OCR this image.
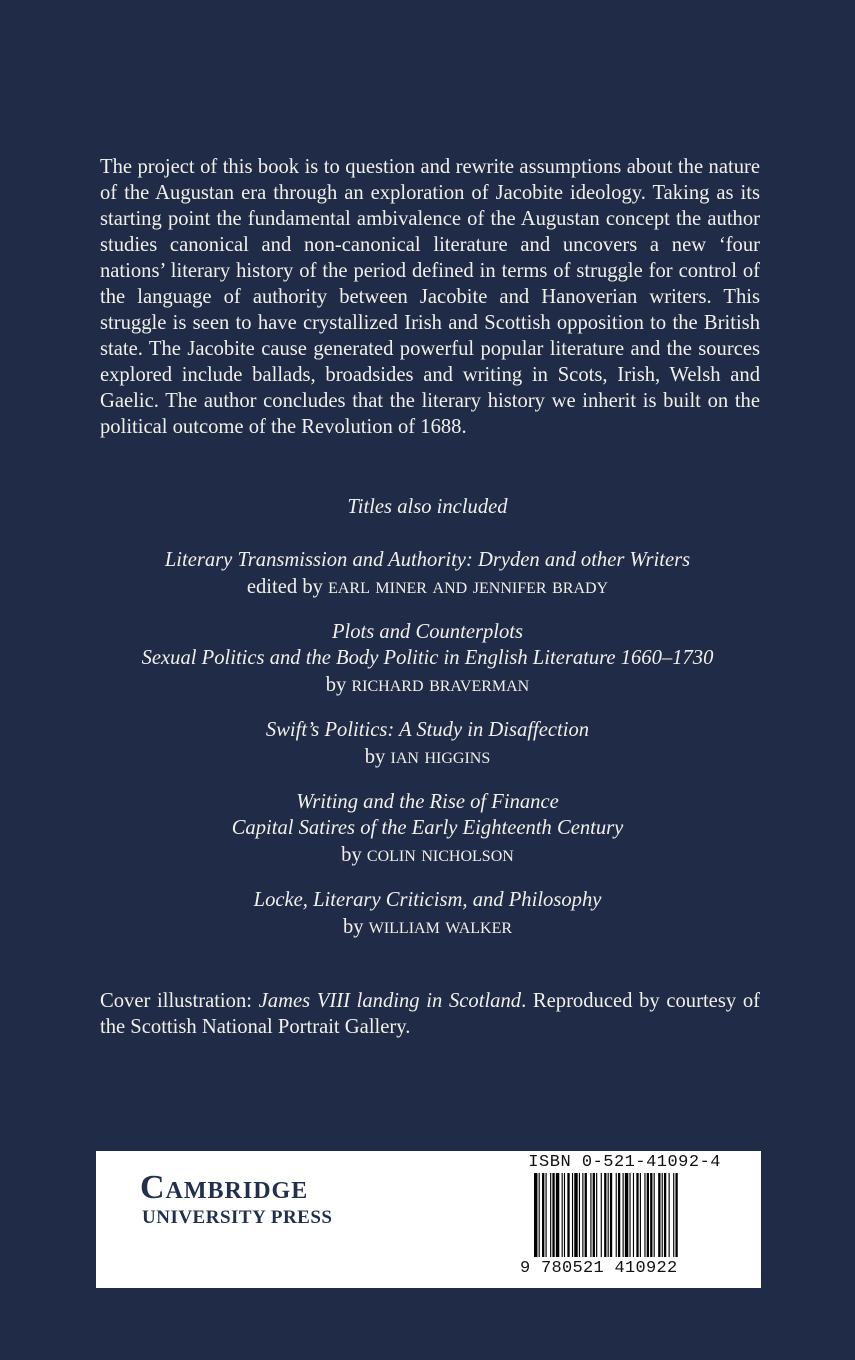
The project of this book is to question and rewrite assumptions about the nature of the Augustan era through an exploration of Jacobite ideology. Taking as its starting point the fundamental ambivalence of the Augustan concept the author studies canonical and non-canonical literature and uncovers a new ‘four nations’ literary history of the period defined in terms of struggle for control of the language of authority between Jacobite and Hanoverian writers. This struggle is seen to have crystallized Irish and Scottish opposition to the British state. The Jacobite cause generated powerful popular literature and the sources explored include ballads, broadsides and writing in Scots, Irish, Welsh and Gaelic. The author concludes that the literary history we inherit is built on the political outcome of the Revolution of 1688.

Titles also included

Literary Transmission and Authority: Dryden and other Writers
edited by earl miner and jennifer brady
Plots and Counterplots
Sexual Politics and the Body Politic in English Literature 1660–1730
by richard braverman
Swift’s Politics: A Study in Disaffection
by ian higgins
Writing and the Rise of Finance
Capital Satires of the Early Eighteenth Century
by colin nicholson
Locke, Literary Criticism, and Philosophy
by william walker

Cover illustration: James VIII landing in Scotland. Reproduced by courtesy of the Scottish National Portrait Gallery.

Cambridge
UNIVERSITY PRESS
ISBN 0-521-41092-4
9 780521 410922
